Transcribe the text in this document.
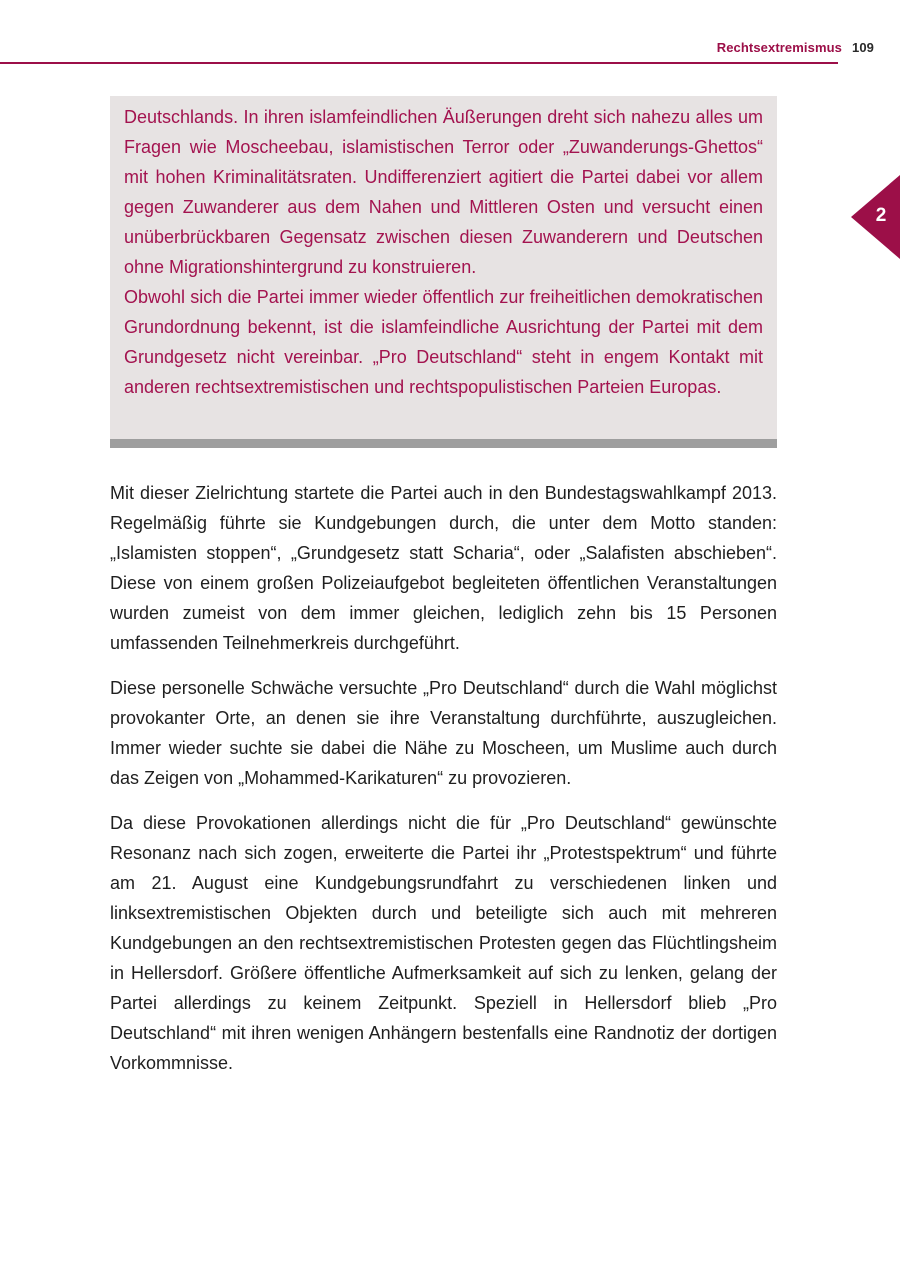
Rechtsextremismus 109
2

Deutschlands. In ihren islamfeindlichen Äußerungen dreht sich nahezu alles um Fragen wie Moscheebau, islamistischen Terror oder „Zuwanderungs-Ghettos“ mit hohen Kriminalitätsraten. Undifferenziert agitiert die Partei dabei vor allem gegen Zuwanderer aus dem Nahen und Mittleren Osten und versucht einen unüberbrückbaren Gegensatz zwischen diesen Zuwanderern und Deutschen ohne Migrationshintergrund zu konstruieren.

Obwohl sich die Partei immer wieder öffentlich zur freiheitlichen demokratischen Grundordnung bekennt, ist die islamfeindliche Ausrichtung der Partei mit dem Grundgesetz nicht vereinbar. „Pro Deutschland“ steht in engem Kontakt mit anderen rechtsextremistischen und rechtspopulistischen Parteien Europas.

Mit dieser Zielrichtung startete die Partei auch in den Bundestagswahlkampf 2013. Regelmäßig führte sie Kundgebungen durch, die unter dem Motto standen: „Islamisten stoppen“, „Grundgesetz statt Scharia“, oder „Salafisten abschieben“. Diese von einem großen Polizeiaufgebot begleiteten öffentlichen Veranstaltungen wurden zumeist von dem immer gleichen, lediglich zehn bis 15 Personen umfassenden Teilnehmerkreis durchgeführt.

Diese personelle Schwäche versuchte „Pro Deutschland“ durch die Wahl möglichst provokanter Orte, an denen sie ihre Veranstaltung durchführte, auszugleichen. Immer wieder suchte sie dabei die Nähe zu Moscheen, um Muslime auch durch das Zeigen von „Mohammed-Karikaturen“ zu provozieren.

Da diese Provokationen allerdings nicht die für „Pro Deutschland“ gewünschte Resonanz nach sich zogen, erweiterte die Partei ihr „Protestspektrum“ und führte am 21. August eine Kundgebungsrundfahrt zu verschiedenen linken und linksextremistischen Objekten durch und beteiligte sich auch mit mehreren Kundgebungen an den rechtsextremistischen Protesten gegen das Flüchtlingsheim in Hellersdorf. Größere öffentliche Aufmerksamkeit auf sich zu lenken, gelang der Partei allerdings zu keinem Zeitpunkt. Speziell in Hellersdorf blieb „Pro Deutschland“ mit ihren wenigen Anhängern bestenfalls eine Randnotiz der dortigen Vorkommnisse.
